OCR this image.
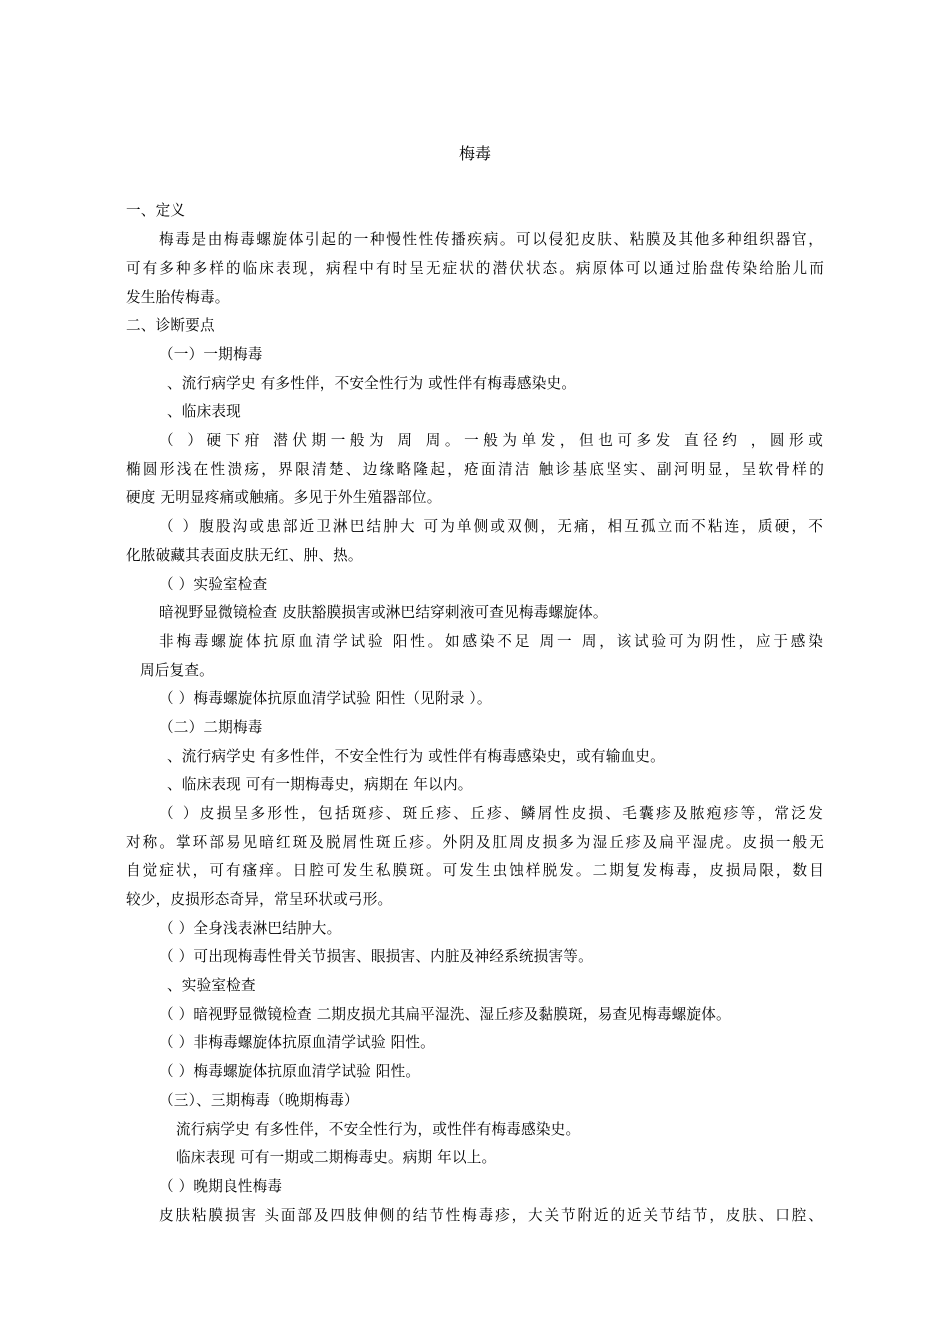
梅毒
一、定义
梅毒是由梅毒螺旋体引起的一种慢性性传播疾病。可以侵犯皮肤、粘膜及其他多种组织器官，
可有多种多样的临床表现，病程中有时呈无症状的潜伏状态。病原体可以通过胎盘传染给胎儿而
发生胎传梅毒。
二、诊断要点
（一）一期梅毒
、流行病学史 有多性伴，不安全性行为 或性伴有梅毒感染史。
、临床表现
（ ）硬下疳 潜伏期一般为 周 周。一般为单发，但也可多发 直径约 ，圆形或
椭圆形浅在性溃疡，界限清楚、边缘略隆起，疮面清洁 触诊基底坚实、副河明显，呈软骨样的
硬度 无明显疼痛或触痛。多见于外生殖器部位。
（ ）腹股沟或患部近卫淋巴结肿大 可为单侧或双侧，无痛，相互孤立而不粘连，质硬，不
化脓破藏其表面皮肤无红、肿、热。
（ ）实验室检查
暗视野显微镜检查 皮肤豁膜损害或淋巴结穿刺液可查见梅毒螺旋体。
非梅毒螺旋体抗原血清学试验 阳性。如感染不足 周一 周，该试验可为阴性，应于感染
周后复查。
（ ）梅毒螺旋体抗原血清学试验 阳性（见附录 ）。
（二）二期梅毒
、流行病学史 有多性伴，不安全性行为 或性伴有梅毒感染史，或有输血史。
、临床表现 可有一期梅毒史，病期在 年以内。
（ ）皮损呈多形性，包括斑疹、斑丘疹、丘疹、鳞屑性皮损、毛囊疹及脓疱疹等，常泛发
对称。掌环部易见暗红斑及脱屑性斑丘疹。外阴及肛周皮损多为湿丘疹及扁平湿虎。皮损一般无
自觉症状，可有瘙痒。日腔可发生私膜斑。可发生虫蚀样脱发。二期复发梅毒，皮损局限，数目
较少，皮损形态奇异，常呈环状或弓形。
（ ）全身浅表淋巴结肿大。
（ ）可出现梅毒性骨关节损害、眼损害、内脏及神经系统损害等。
、实验室检查
（ ）暗视野显微镜检查 二期皮损尤其扁平湿洗、湿丘疹及黏膜斑，易查见梅毒螺旋体。
（ ）非梅毒螺旋体抗原血清学试验 阳性。
（ ）梅毒螺旋体抗原血清学试验 阳性。
（三）、三期梅毒（晚期梅毒）
流行病学史 有多性伴，不安全性行为，或性伴有梅毒感染史。
临床表现 可有一期或二期梅毒史。病期 年以上。
（ ）晚期良性梅毒
皮肤粘膜损害 头面部及四肢伸侧的结节性梅毒疹，大关节附近的近关节结节，皮肤、口腔、
